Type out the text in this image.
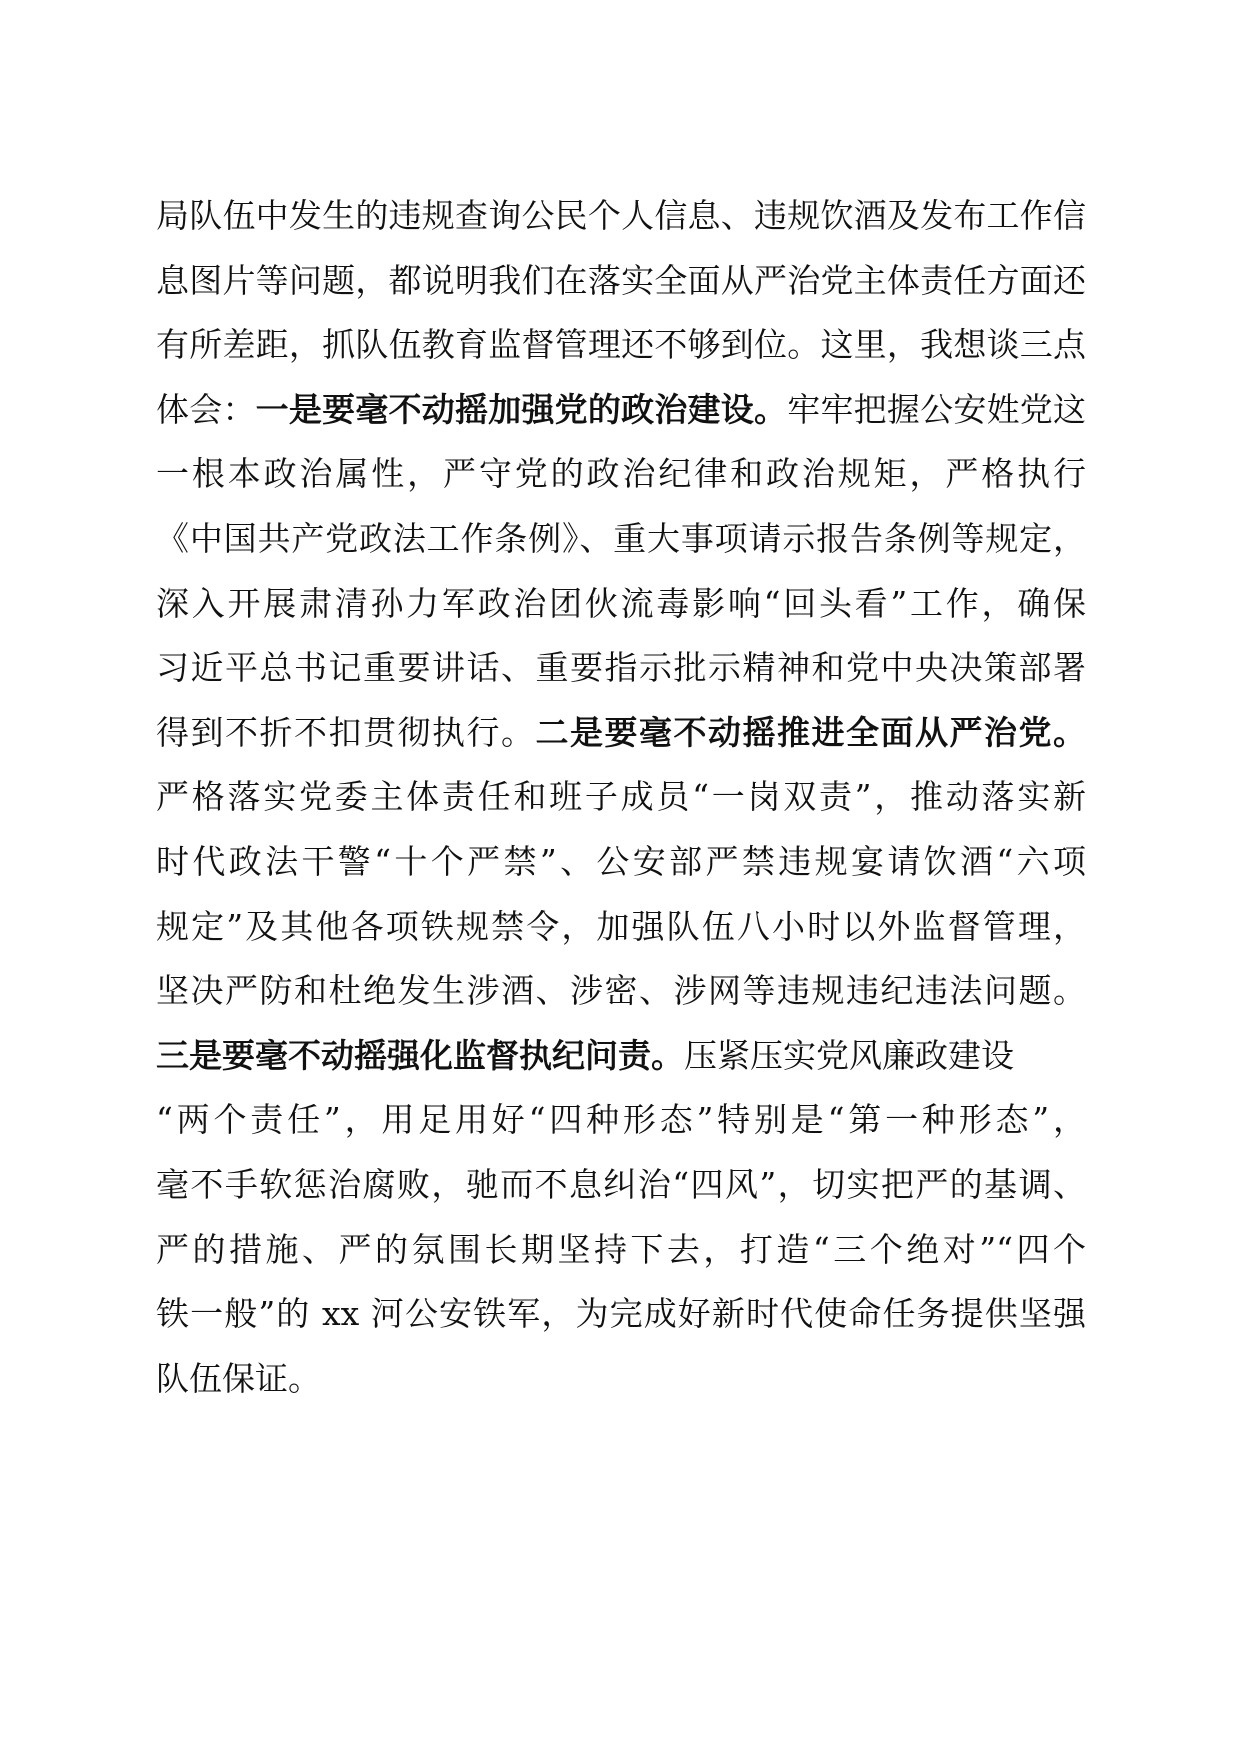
局队伍中发生的违规查询公民个人信息、违规饮酒及发布工作信
息图片等问题，都说明我们在落实全面从严治党主体责任方面还
有所差距，抓队伍教育监督管理还不够到位。这里，我想谈三点
体会：一是要毫不动摇加强党的政治建设。牢牢把握公安姓党这
一根本政治属性，严守党的政治纪律和政治规矩，严格执行
《中国共产党政法工作条例》、重大事项请示报告条例等规定，
深入开展肃清孙力军政治团伙流毒影响“回头看”工作，确保
习近平总书记重要讲话、重要指示批示精神和党中央决策部署
得到不折不扣贯彻执行。二是要毫不动摇推进全面从严治党。
严格落实党委主体责任和班子成员“一岗双责”，推动落实新
时代政法干警“十个严禁”、公安部严禁违规宴请饮酒“六项
规定”及其他各项铁规禁令，加强队伍八小时以外监督管理，
坚决严防和杜绝发生涉酒、涉密、涉网等违规违纪违法问题。
三是要毫不动摇强化监督执纪问责。压紧压实党风廉政建设
“两个责任”，用足用好“四种形态”特别是“第一种形态”，
毫不手软惩治腐败，驰而不息纠治“四风”，切实把严的基调、
严的措施、严的氛围长期坚持下去，打造“三个绝对”“四个
铁一般”的 xx 河公安铁军，为完成好新时代使命任务提供坚强
队伍保证。
